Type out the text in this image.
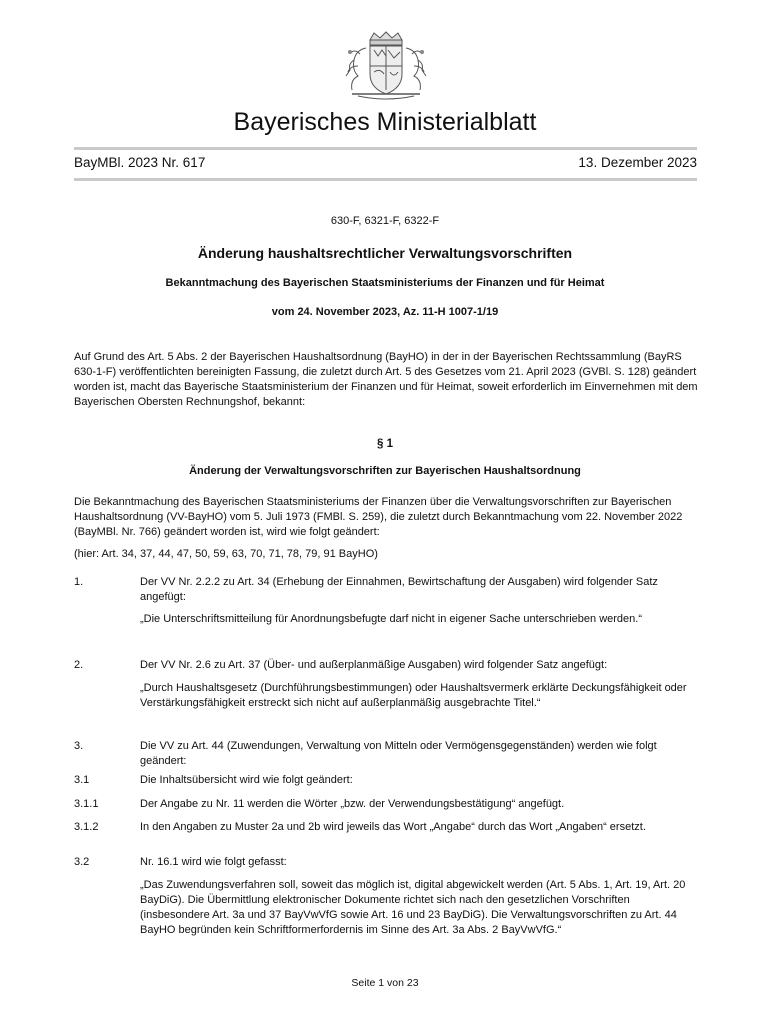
Bayerisches Ministerialblatt
BayMBl. 2023 Nr. 617	13. Dezember 2023
630-F, 6321-F, 6322-F
Änderung haushaltsrechtlicher Verwaltungsvorschriften
Bekanntmachung des Bayerischen Staatsministeriums der Finanzen und für Heimat
vom 24. November 2023, Az. 11-H 1007-1/19

Auf Grund des Art. 5 Abs. 2 der Bayerischen Haushaltsordnung (BayHO) in der in der Bayerischen Rechtssammlung (BayRS 630-1-F) veröffentlichten bereinigten Fassung, die zuletzt durch Art. 5 des Gesetzes vom 21. April 2023 (GVBl. S. 128) geändert worden ist, macht das Bayerische Staatsministerium der Finanzen und für Heimat, soweit erforderlich im Einvernehmen mit dem Bayerischen Obersten Rechnungshof, bekannt:

§ 1
Änderung der Verwaltungsvorschriften zur Bayerischen Haushaltsordnung

Die Bekanntmachung des Bayerischen Staatsministeriums der Finanzen über die Verwaltungsvorschriften zur Bayerischen Haushaltsordnung (VV-BayHO) vom 5. Juli 1973 (FMBl. S. 259), die zuletzt durch Bekanntmachung vom 22. November 2022 (BayMBl. Nr. 766) geändert worden ist, wird wie folgt geändert:

(hier: Art. 34, 37, 44, 47, 50, 59, 63, 70, 71, 78, 79, 91 BayHO)

1.	Der VV Nr. 2.2.2 zu Art. 34 (Erhebung der Einnahmen, Bewirtschaftung der Ausgaben) wird folgender Satz angefügt:
„Die Unterschriftsmitteilung für Anordnungsbefugte darf nicht in eigener Sache unterschrieben werden.“
2.	Der VV Nr. 2.6 zu Art. 37 (Über- und außerplanmäßige Ausgaben) wird folgender Satz angefügt:
„Durch Haushaltsgesetz (Durchführungsbestimmungen) oder Haushaltsvermerk erklärte Deckungsfähigkeit oder Verstärkungsfähigkeit erstreckt sich nicht auf außerplanmäßig ausgebrachte Titel.“
3.	Die VV zu Art. 44 (Zuwendungen, Verwaltung von Mitteln oder Vermögensgegenständen) werden wie folgt geändert:
3.1	Die Inhaltsübersicht wird wie folgt geändert:
3.1.1	Der Angabe zu Nr. 11 werden die Wörter „bzw. der Verwendungsbestätigung“ angefügt.
3.1.2	In den Angaben zu Muster 2a und 2b wird jeweils das Wort „Angabe“ durch das Wort „Angaben“ ersetzt.
3.2	Nr. 16.1 wird wie folgt gefasst:
„Das Zuwendungsverfahren soll, soweit das möglich ist, digital abgewickelt werden (Art. 5 Abs. 1, Art. 19, Art. 20 BayDiG). Die Übermittlung elektronischer Dokumente richtet sich nach den gesetzlichen Vorschriften (insbesondere Art. 3a und 37 BayVwVfG sowie Art. 16 und 23 BayDiG). Die Verwaltungsvorschriften zu Art. 44 BayHO begründen kein Schriftformerfordernis im Sinne des Art. 3a Abs. 2 BayVwVfG.“
Seite 1 von 23
